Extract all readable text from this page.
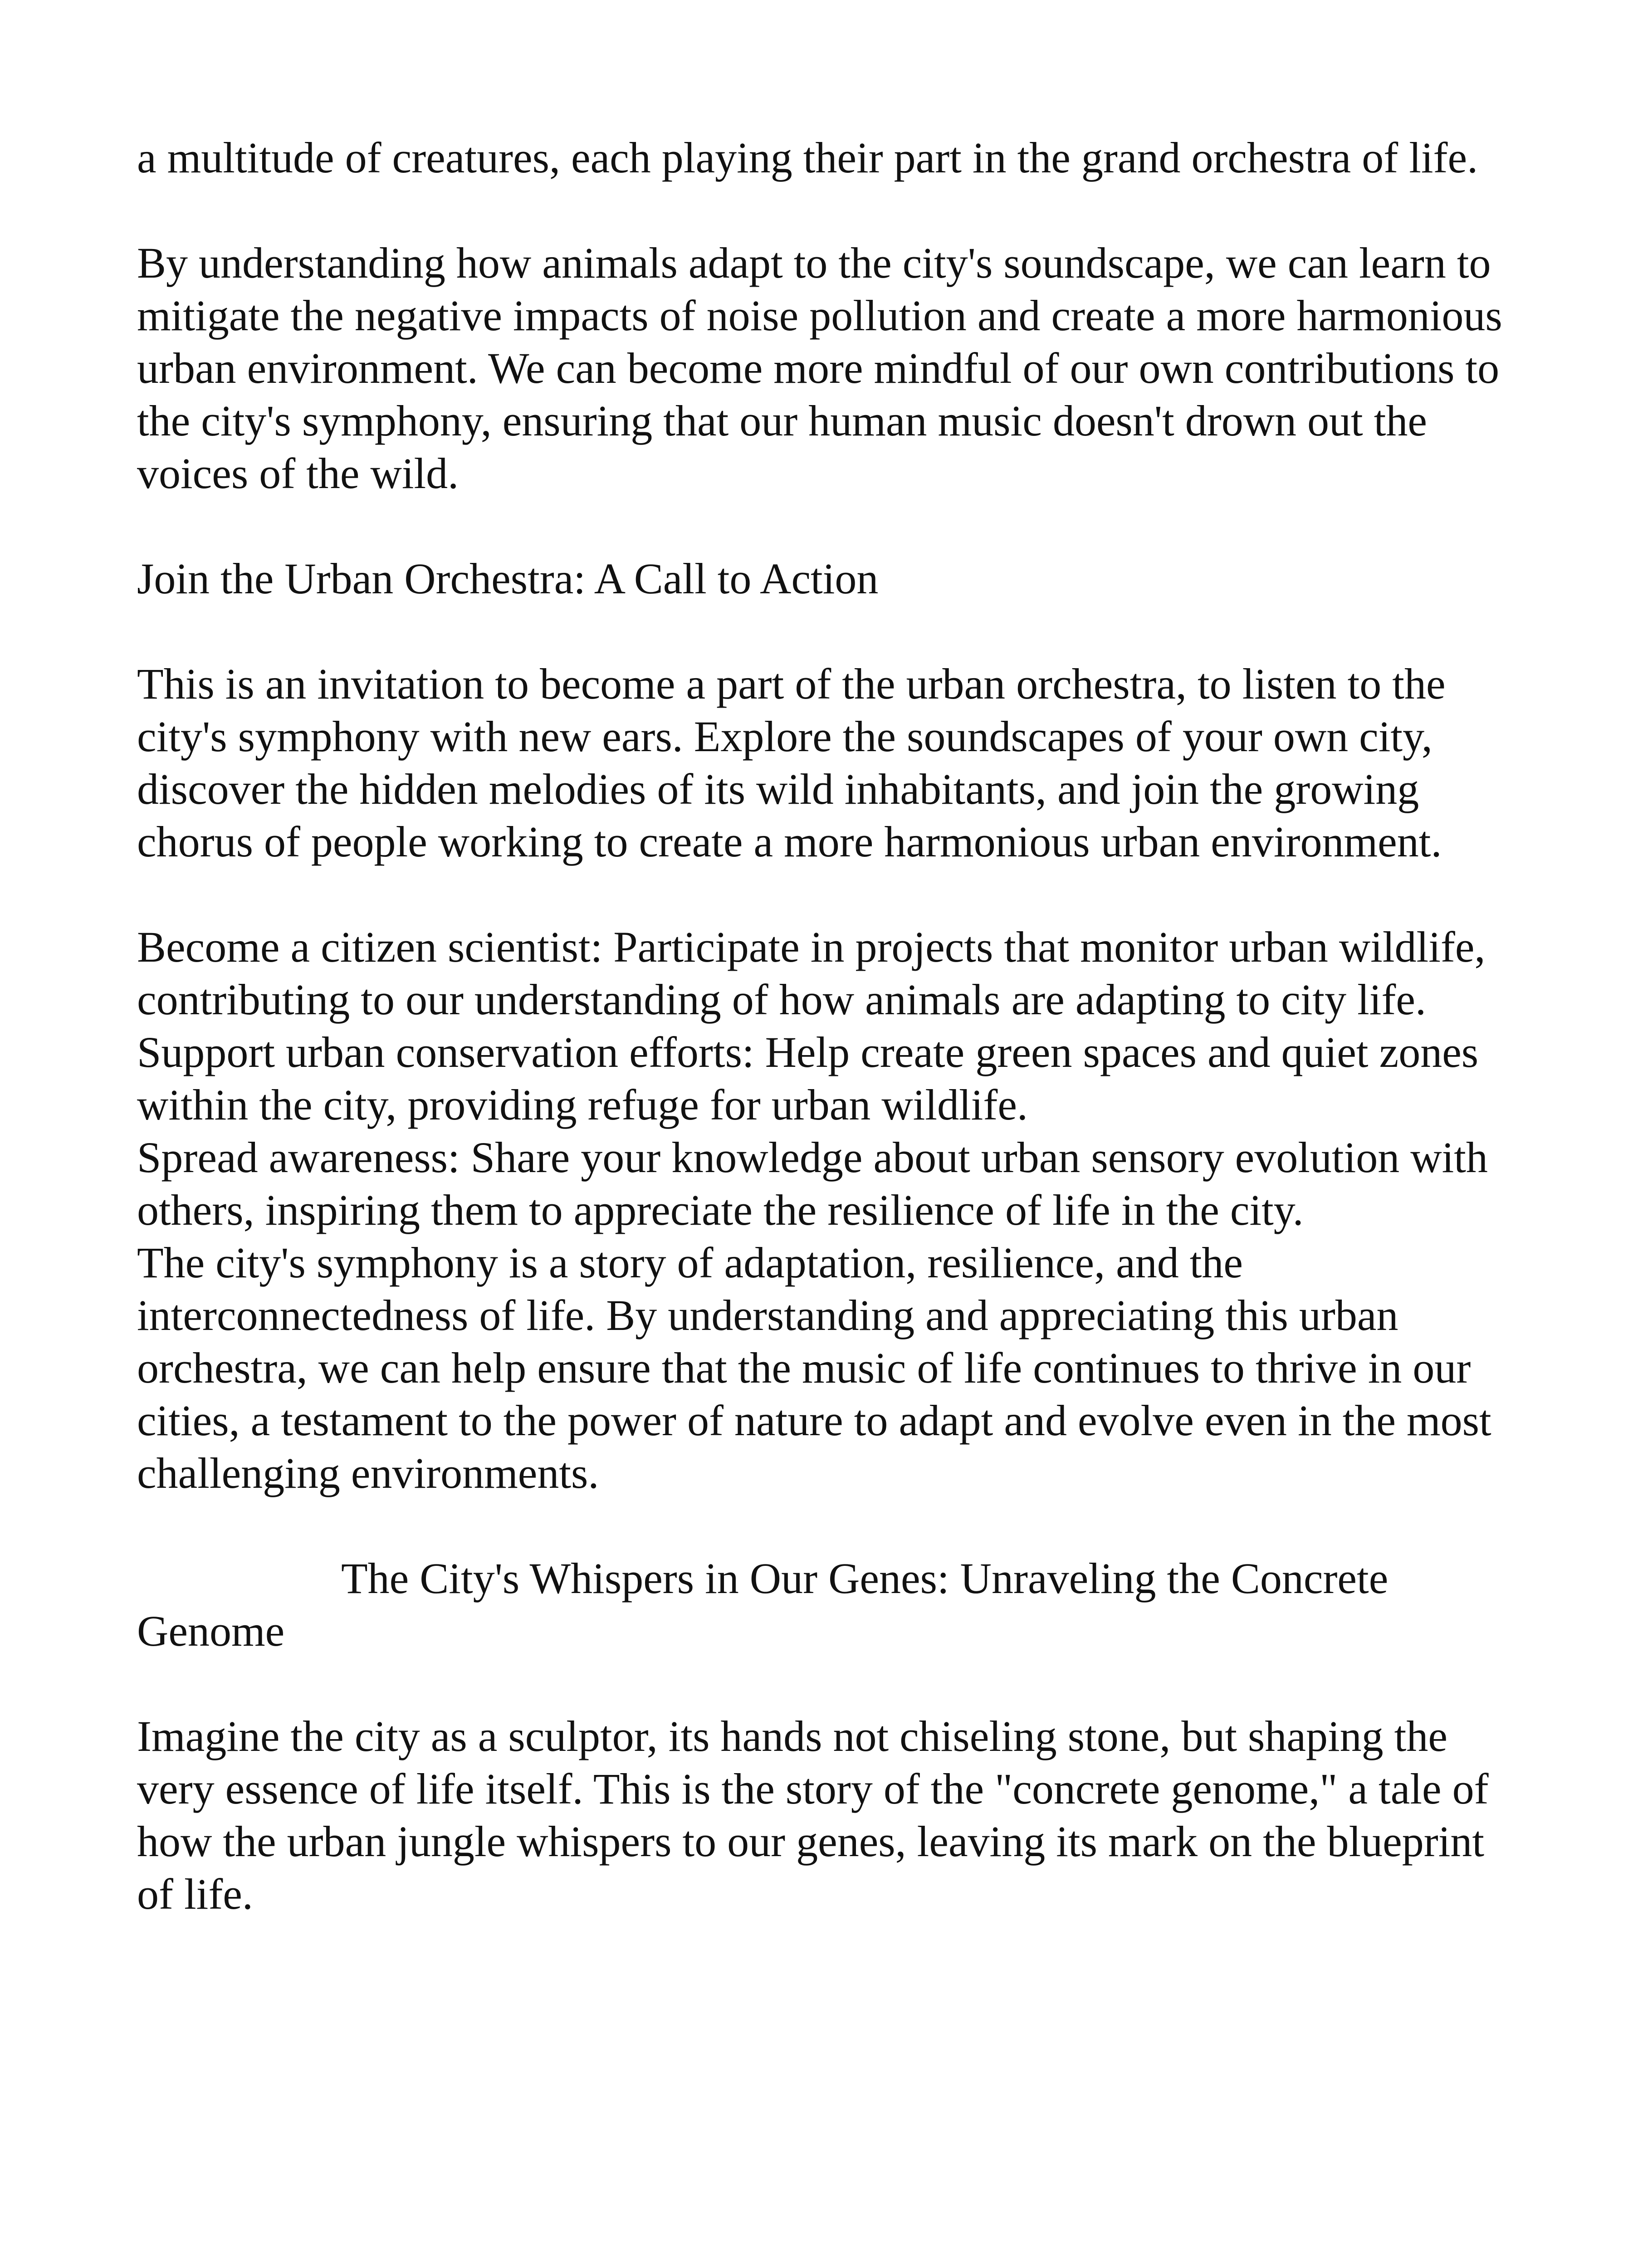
a multitude of creatures, each playing their part in the grand orchestra of life.

By understanding how animals adapt to the city's soundscape, we can learn to mitigate the negative impacts of noise pollution and create a more harmonious urban environment. We can become more mindful of our own contributions to the city's symphony, ensuring that our human music doesn't drown out the voices of the wild.

Join the Urban Orchestra: A Call to Action

This is an invitation to become a part of the urban orchestra, to listen to the city's symphony with new ears. Explore the soundscapes of your own city, discover the hidden melodies of its wild inhabitants, and join the growing chorus of people working to create a more harmonious urban environment.

Become a citizen scientist: Participate in projects that monitor urban wildlife, contributing to our understanding of how animals are adapting to city life.

Support urban conservation efforts: Help create green spaces and quiet zones within the city, providing refuge for urban wildlife.

Spread awareness: Share your knowledge about urban sensory evolution with others, inspiring them to appreciate the resilience of life in the city.

The city's symphony is a story of adaptation, resilience, and the interconnectedness of life. By understanding and appreciating this urban orchestra, we can help ensure that the music of life continues to thrive in our cities, a testament to the power of nature to adapt and evolve even in the most challenging environments.

The City's Whispers in Our Genes: Unraveling the Concrete Genome

Imagine the city as a sculptor, its hands not chiseling stone, but shaping the very essence of life itself. This is the story of the "concrete genome," a tale of how the urban jungle whispers to our genes, leaving its mark on the blueprint of life.
